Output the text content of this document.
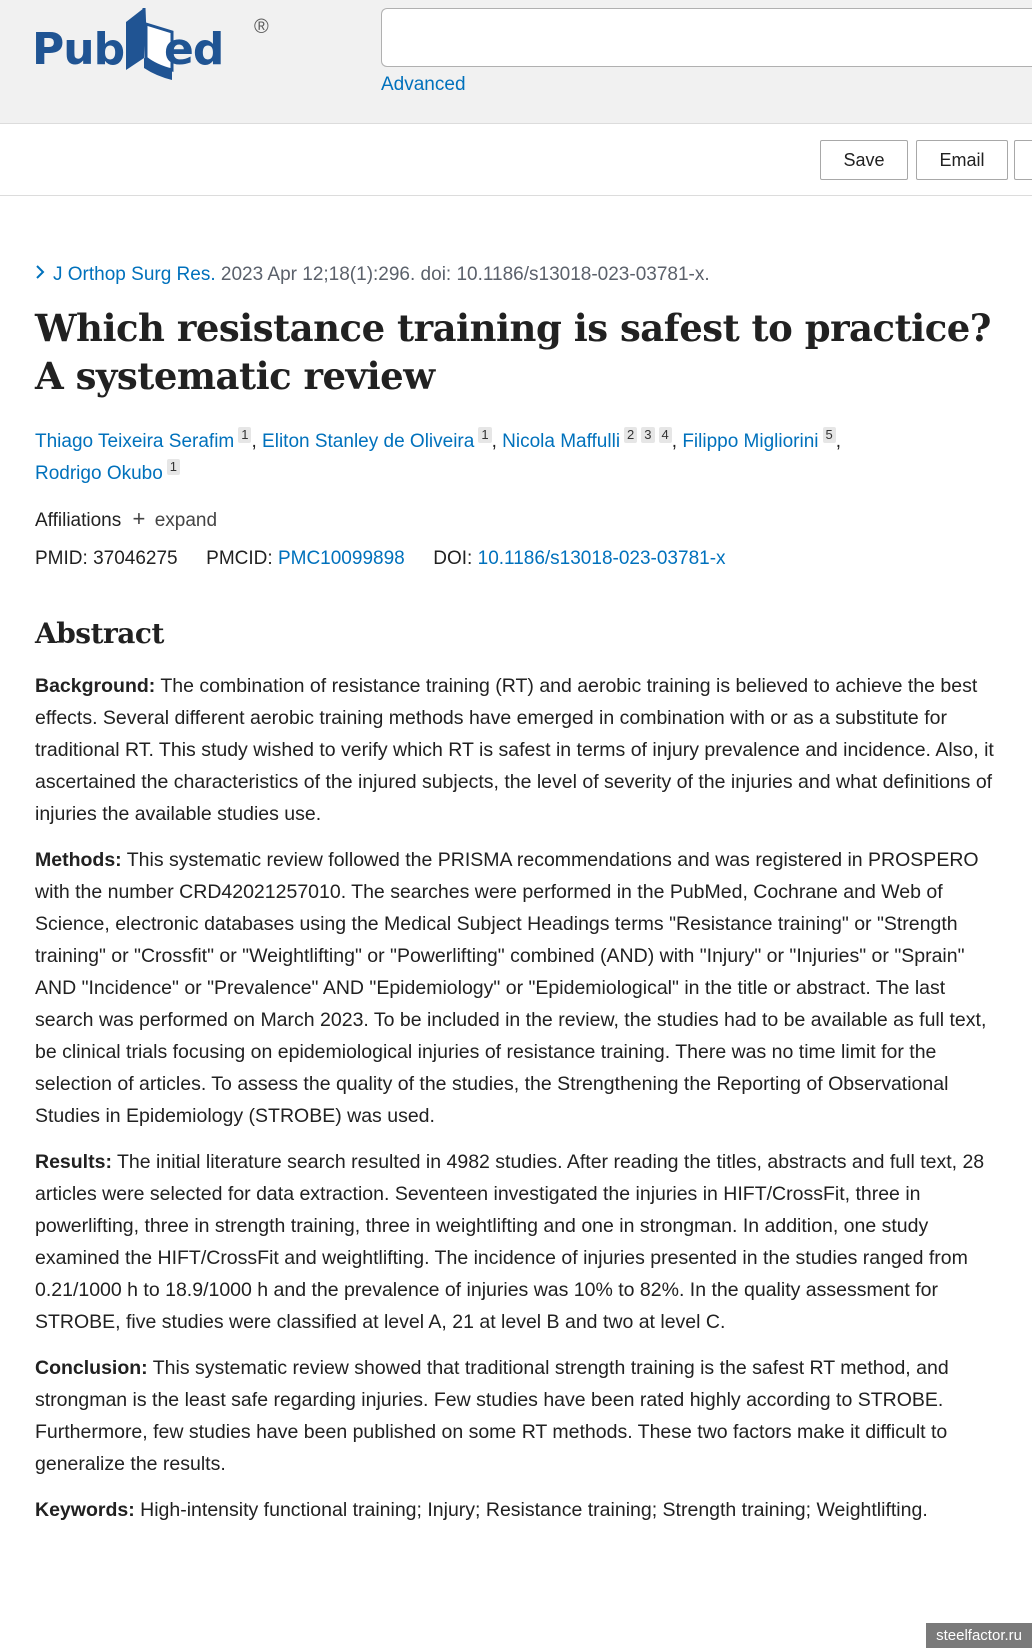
Pub ed ®
Advanced
Save	Email
J Orthop Surg Res. 2023 Apr 12;18(1):296. doi: 10.1186/s13018-023-03781-x.
Which resistance training is safest to practice? A systematic review
Thiago Teixeira Serafim 1 , Eliton Stanley de Oliveira 1 , Nicola Maffulli 2 3 4 , Filippo Migliorini 5 ,
Rodrigo Okubo 1
Affiliations + expand
PMID: 37046275 PMCID: PMC10099898 DOI: 10.1186/s13018-023-03781-x
Abstract

Background: The combination of resistance training (RT) and aerobic training is believed to achieve the best effects. Several different aerobic training methods have emerged in combination with or as a substitute for traditional RT. This study wished to verify which RT is safest in terms of injury prevalence and incidence. Also, it ascertained the characteristics of the injured subjects, the level of severity of the injuries and what definitions of injuries the available studies use.

Methods: This systematic review followed the PRISMA recommendations and was registered in PROSPERO with the number CRD42021257010. The searches were performed in the PubMed, Cochrane and Web of Science, electronic databases using the Medical Subject Headings terms "Resistance training" or "Strength training" or "Crossfit" or "Weightlifting" or "Powerlifting" combined (AND) with "Injury" or "Injuries" or "Sprain" AND "Incidence" or "Prevalence" AND "Epidemiology" or "Epidemiological" in the title or abstract. The last search was performed on March 2023. To be included in the review, the studies had to be available as full text, be clinical trials focusing on epidemiological injuries of resistance training. There was no time limit for the selection of articles. To assess the quality of the studies, the Strengthening the Reporting of Observational Studies in Epidemiology (STROBE) was used.

Results: The initial literature search resulted in 4982 studies. After reading the titles, abstracts and full text, 28 articles were selected for data extraction. Seventeen investigated the injuries in HIFT/CrossFit, three in powerlifting, three in strength training, three in weightlifting and one in strongman. In addition, one study examined the HIFT/CrossFit and weightlifting. The incidence of injuries presented in the studies ranged from 0.21/1000 h to 18.9/1000 h and the prevalence of injuries was 10% to 82%. In the quality assessment for STROBE, five studies were classified at level A, 21 at level B and two at level C.

Conclusion: This systematic review showed that traditional strength training is the safest RT method, and strongman is the least safe regarding injuries. Few studies have been rated highly according to STROBE. Furthermore, few studies have been published on some RT methods. These two factors make it difficult to generalize the results.

Keywords: High-intensity functional training; Injury; Resistance training; Strength training; Weightlifting.

steelfactor.ru
